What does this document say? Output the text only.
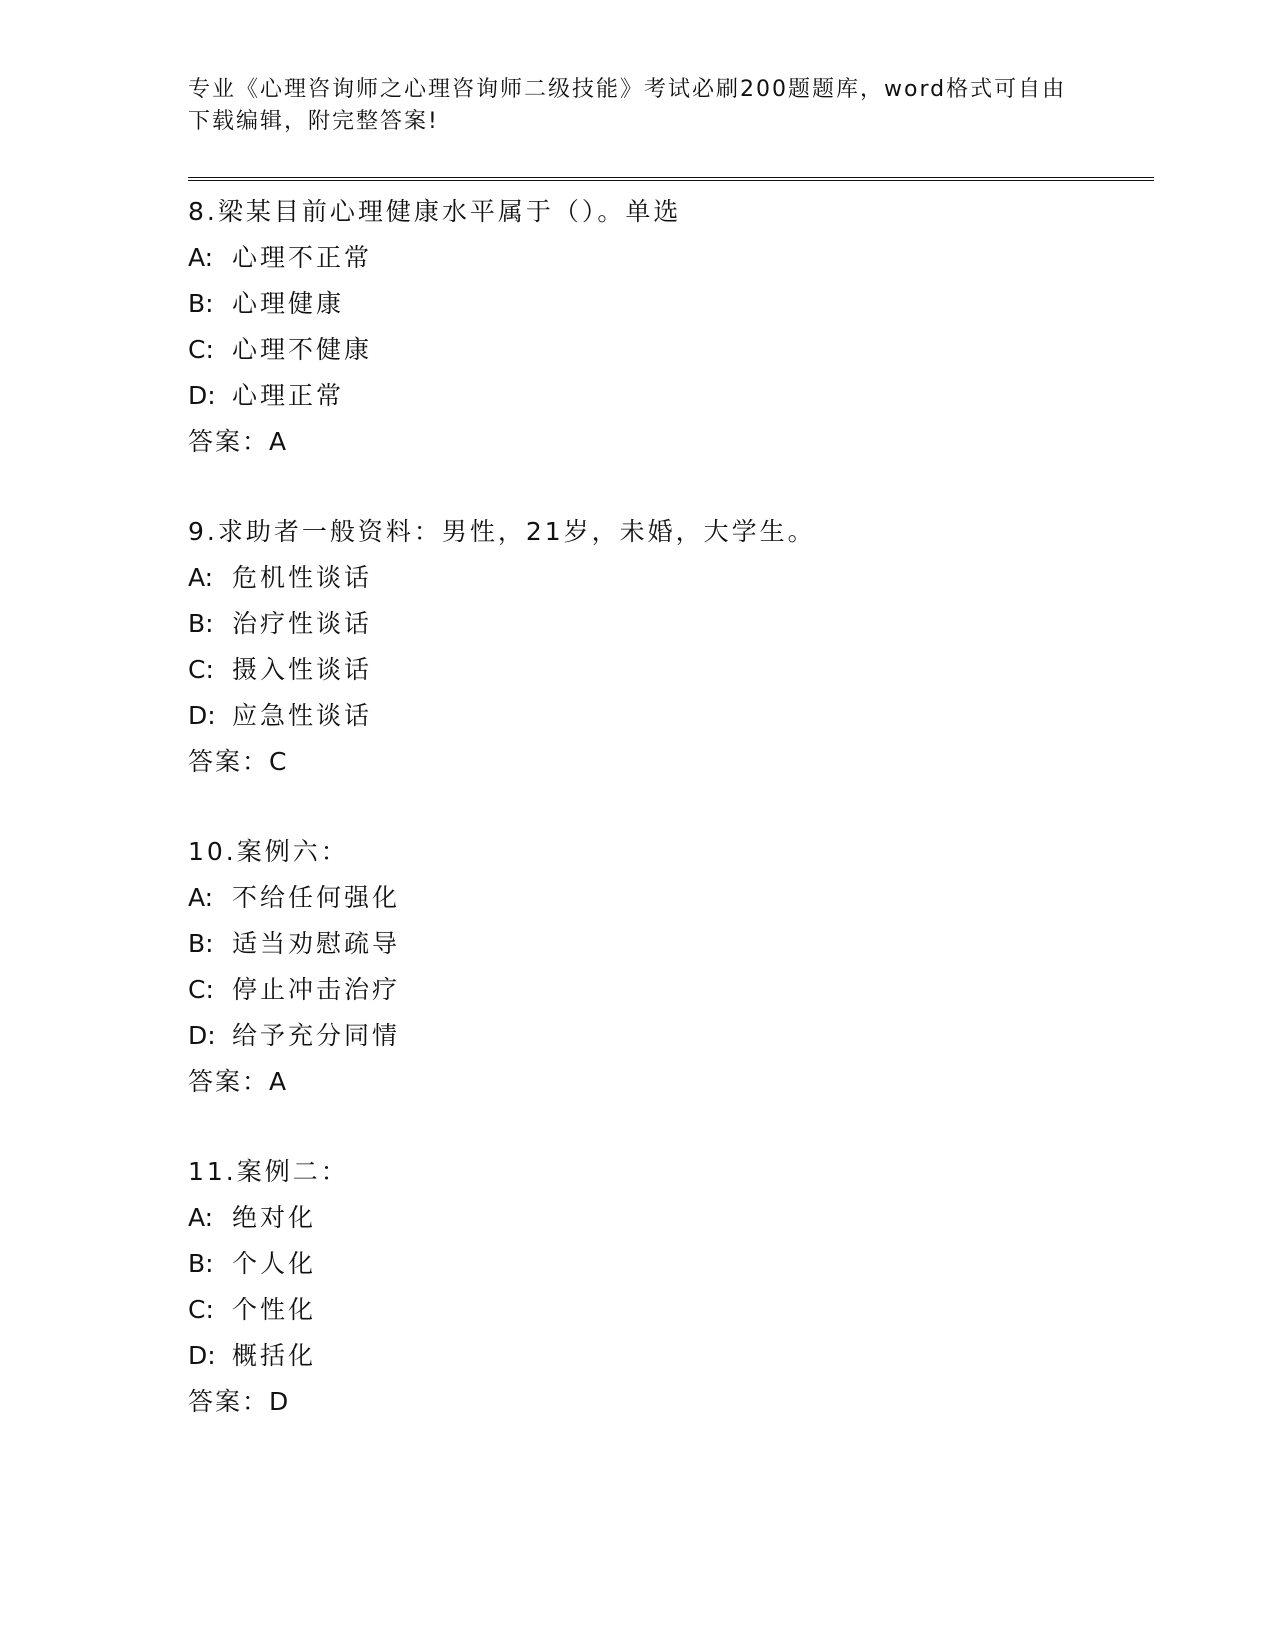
专业《心理咨询师之心理咨询师二级技能》考试必刷200题题库，word格式可自由下载编辑，附完整答案!

8.梁某目前心理健康水平属于（）。单选
A: 心理不正常
B: 心理健康
C: 心理不健康
D: 心理正常
答案：A
9.求助者一般资料：男性，21岁，未婚，大学生。
A: 危机性谈话
B: 治疗性谈话
C: 摄入性谈话
D: 应急性谈话
答案：C
10.案例六：
A: 不给任何强化
B: 适当劝慰疏导
C: 停止冲击治疗
D: 给予充分同情
答案：A
11.案例二：
A: 绝对化
B: 个人化
C: 个性化
D: 概括化
答案：D
